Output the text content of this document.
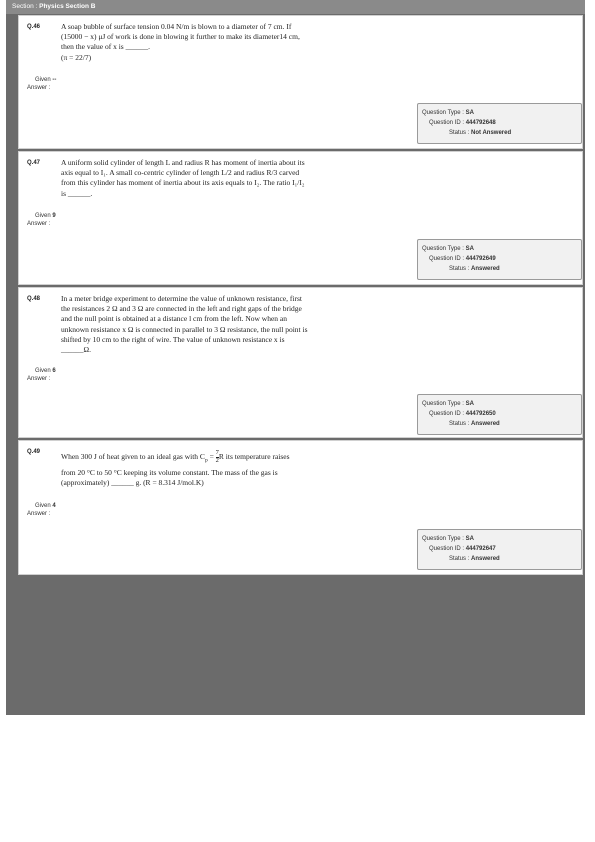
Section : Physics Section B
Q.46	A soap bubble of surface tension 0.04 N/m is blown to a diameter of 7 cm. If

(15000 − x) μJ of work is done in blowing it further to make its diameter14 cm,

then the value of x is ______.

(π = 22/7)

Given --
Answer :
Question Type : SA
Question ID : 444792648
Status : Not Answered
Q.47	A uniform solid cylinder of length L and radius R has moment of inertia about its

axis equal to I₁. A small co-centric cylinder of length L/2 and radius R/3 carved

from this cylinder has moment of inertia about its axis equals to I₂. The ratio I₁/I₂

is ______.

Given 9
Answer :
Question Type : SA
Question ID : 444792649
Status : Answered
Q.48	In a meter bridge experiment to determine the value of unknown resistance, first

the resistances 2 Ω and 3 Ω are connected in the left and right gaps of the bridge

and the null point is obtained at a distance l cm from the left. Now when an

unknown resistance x Ω is connected in parallel to 3 Ω resistance, the null point is

shifted by 10 cm to the right of wire. The value of unknown resistance x is

______Ω.

Given 6
Answer :
Question Type : SA
Question ID : 444792650
Status : Answered
Q.49	When 300 J of heat given to an ideal gas with $C_p = \frac{7}{2}$ R its temperature raises

from 20 °C to 50 °C keeping its volume constant. The mass of the gas is

(approximately) ______ g. (R = 8.314 J/mol.K)

Given 4
Answer :
Question Type : SA
Question ID : 444792647
Status : Answered
